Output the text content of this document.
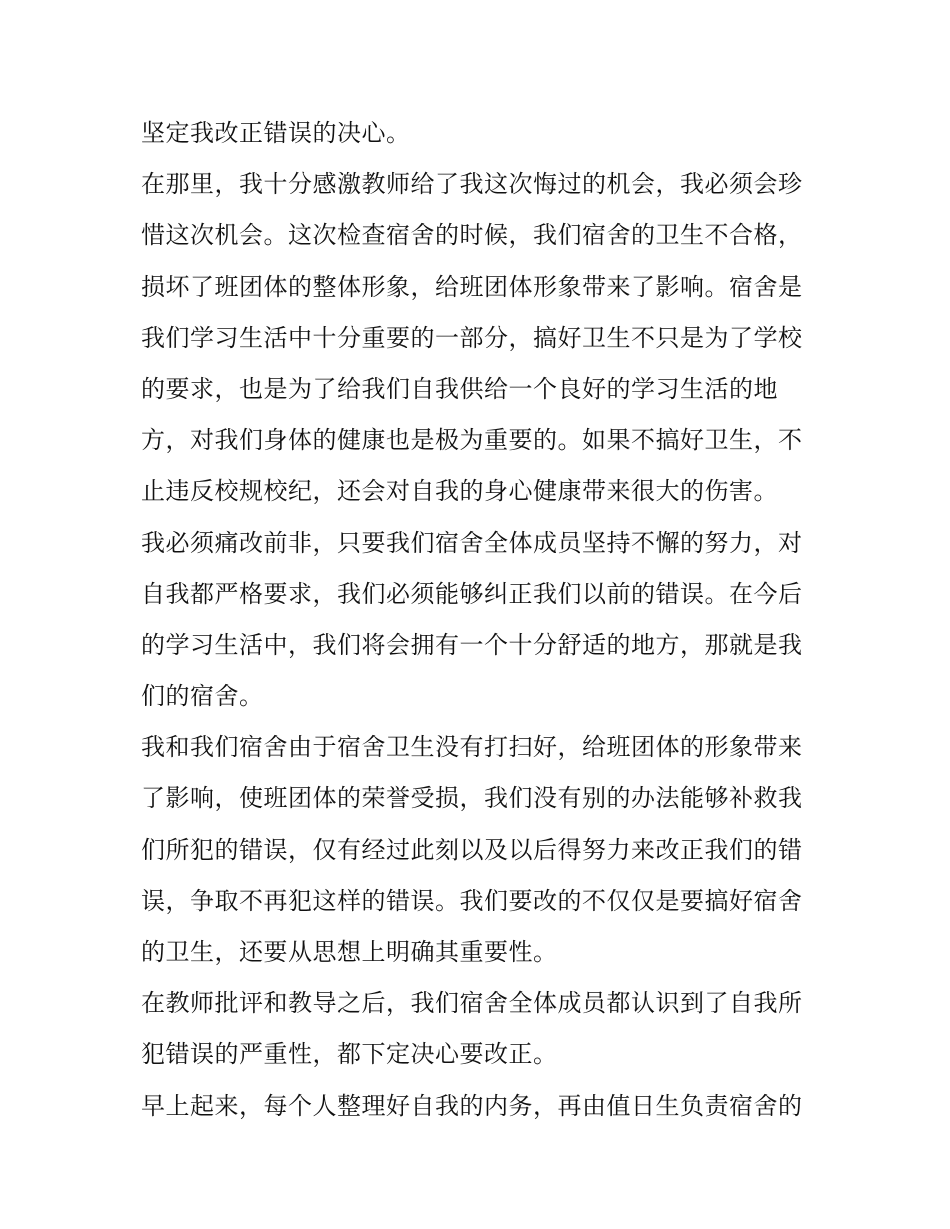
坚定我改正错误的决心。
在那里，我十分感激教师给了我这次悔过的机会，我必须会珍
惜这次机会。这次检查宿舍的时候，我们宿舍的卫生不合格，
损坏了班团体的整体形象，给班团体形象带来了影响。宿舍是
我们学习生活中十分重要的一部分，搞好卫生不只是为了学校
的要求，也是为了给我们自我供给一个良好的学习生活的地
方，对我们身体的健康也是极为重要的。如果不搞好卫生，不
止违反校规校纪，还会对自我的身心健康带来很大的伤害。
我必须痛改前非，只要我们宿舍全体成员坚持不懈的努力，对
自我都严格要求，我们必须能够纠正我们以前的错误。在今后
的学习生活中，我们将会拥有一个十分舒适的地方，那就是我
们的宿舍。
我和我们宿舍由于宿舍卫生没有打扫好，给班团体的形象带来
了影响，使班团体的荣誉受损，我们没有别的办法能够补救我
们所犯的错误，仅有经过此刻以及以后得努力来改正我们的错
误，争取不再犯这样的错误。我们要改的不仅仅是要搞好宿舍
的卫生，还要从思想上明确其重要性。
在教师批评和教导之后，我们宿舍全体成员都认识到了自我所
犯错误的严重性，都下定决心要改正。
早上起来，每个人整理好自我的内务，再由值日生负责宿舍的
